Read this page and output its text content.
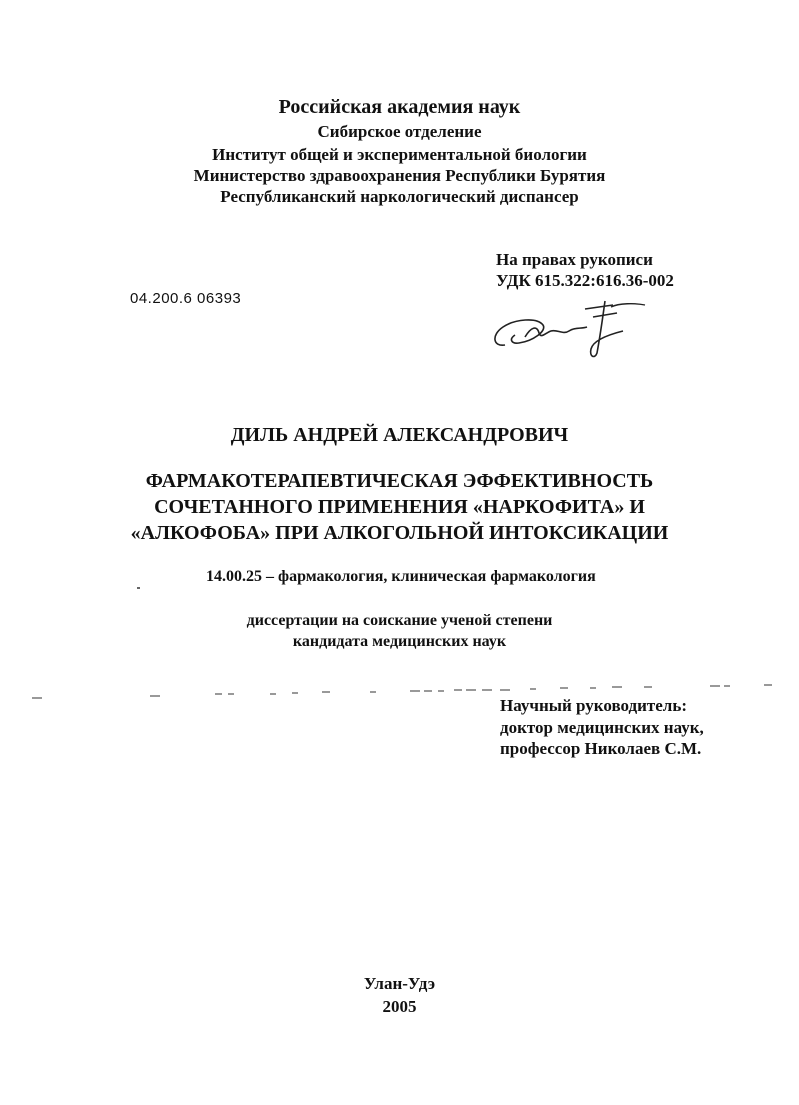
Российская академия наук
Сибирское отделение
Институт общей и экспериментальной биологии
Министерство здравоохранения Республики Бурятия
Республиканский наркологический диспансер
На правах рукописи
УДК 615.322:616.36-002
04.200.6 06393
ДИЛЬ АНДРЕЙ АЛЕКСАНДРОВИЧ
ФАРМАКОТЕРАПЕВТИЧЕСКАЯ ЭФФЕКТИВНОСТЬ
СОЧЕТАННОГО ПРИМЕНЕНИЯ «НАРКОФИТА» И
«АЛКОФОБА» ПРИ АЛКОГОЛЬНОЙ ИНТОКСИКАЦИИ
14.00.25 – фармакология, клиническая фармакология
диссертации на соискание ученой степени
кандидата медицинских наук
Научный руководитель:
доктор медицинских наук,
профессор Николаев С.М.
Улан-Удэ
2005
